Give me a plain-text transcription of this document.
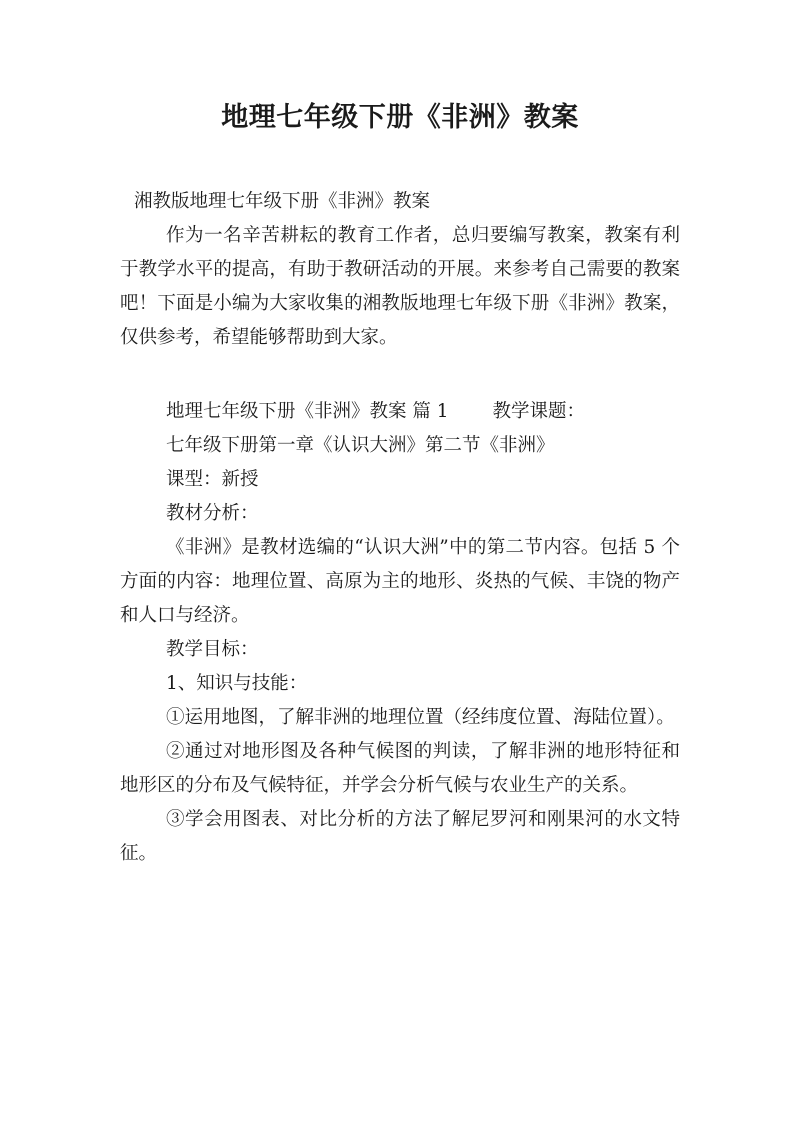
地理七年级下册《非洲》教案

湘教版地理七年级下册《非洲》教案

作为一名辛苦耕耘的教育工作者，总归要编写教案，教案有利于教学水平的提高，有助于教研活动的开展。来参考自己需要的教案吧！下面是小编为大家收集的湘教版地理七年级下册《非洲》教案，仅供参考，希望能够帮助到大家。

地理七年级下册《非洲》教案 篇 1 教学课题：

七年级下册第一章《认识大洲》第二节《非洲》

课型：新授

教材分析：

《非洲》是教材选编的“认识大洲”中的第二节内容。包括 5 个方面的内容：地理位置、高原为主的地形、炎热的气候、丰饶的物产和人口与经济。

教学目标：

1、知识与技能：

①运用地图，了解非洲的地理位置（经纬度位置、海陆位置）。

②通过对地形图及各种气候图的判读，了解非洲的地形特征和地形区的分布及气候特征，并学会分析气候与农业生产的关系。

③学会用图表、对比分析的方法了解尼罗河和刚果河的水文特征。
